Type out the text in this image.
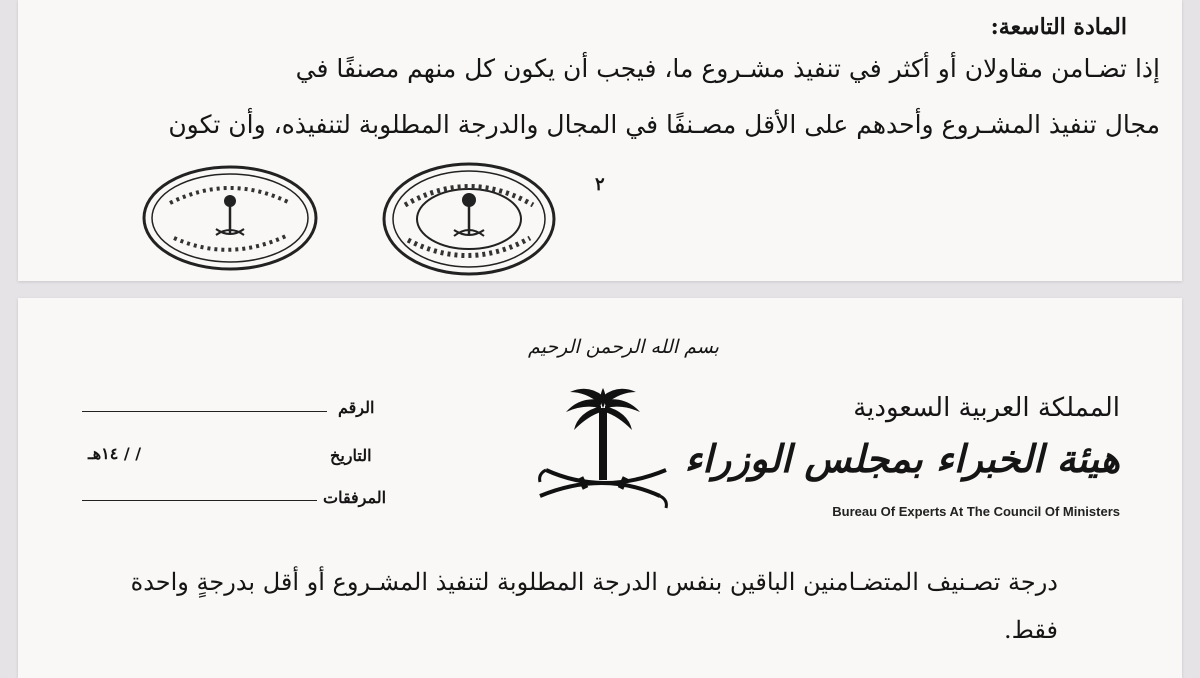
المادة التاسعة:
إذا تضـامن مقاولان أو أكثر في تنفيذ مشـروع ما، فيجب أن يكون كل منهم مصنفًا في
مجال تنفيذ المشـروع وأحدهم على الأقل مصـنفًا في المجال والدرجة المطلوبة لتنفيذه، وأن تكون
٢
بسم الله الرحمن الرحيم
المملكة العربية السعودية
هيئة الخبراء بمجلس الوزراء
Bureau Of Experts At The Council Of Ministers
الرقم
التاريخ
/ / ١٤هـ
المرفقات
درجة تصـنيف المتضـامنين الباقين بنفس الدرجة المطلوبة لتنفيذ المشـروع أو أقل بدرجةٍ واحدة
فقط.
